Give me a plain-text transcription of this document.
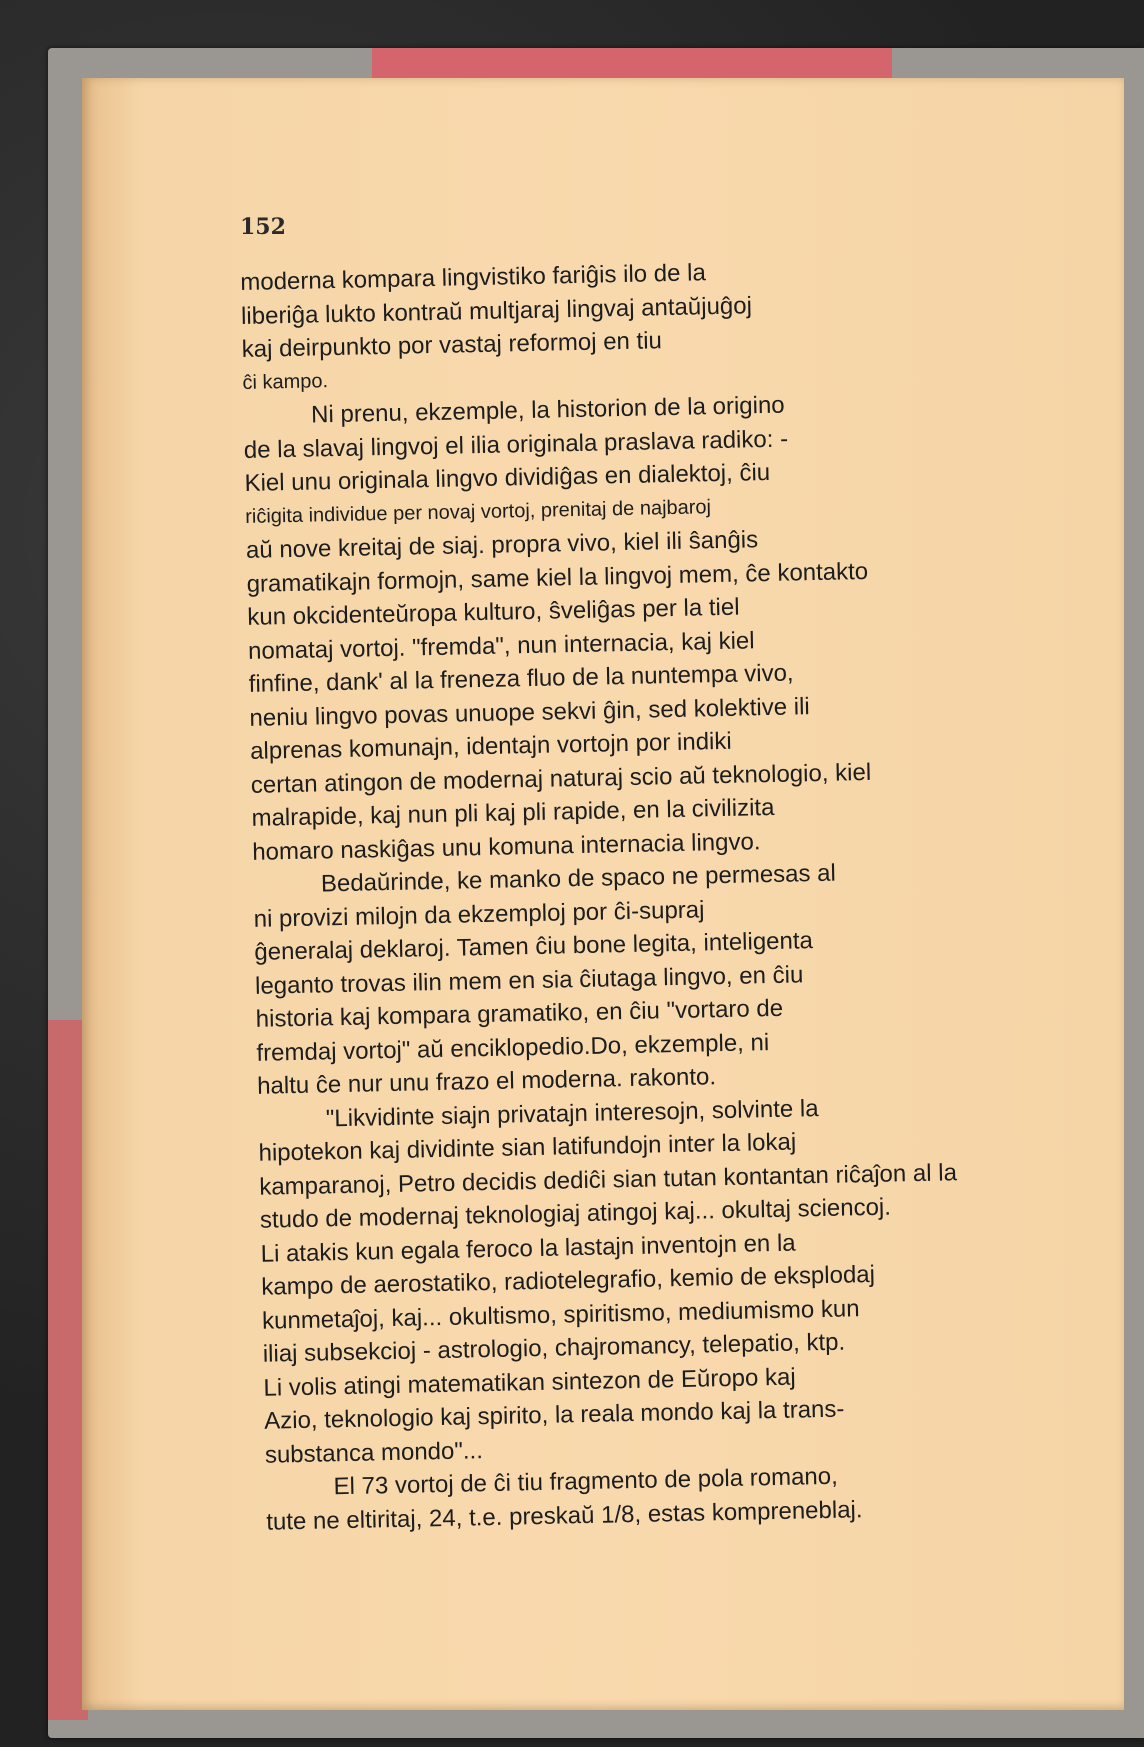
152

moderna kompara lingvistiko fariĝis ilo de la
liberiĝa lukto kontraŭ multjaraj lingvaj antaŭjuĝoj
kaj deirpunkto por vastaj reformoj en tiu
ĉi kampo.
Ni prenu, ekzemple, la historion de la origino
de la slavaj lingvoj el ilia originala praslava radiko: -
Kiel unu originala lingvo dividiĝas en dialektoj, ĉiu
riĉigita individue per novaj vortoj, prenitaj de najbaroj
aŭ nove kreitaj de siaj. propra vivo, kiel ili ŝanĝis
gramatikajn formojn, same kiel la lingvoj mem, ĉe kontakto
kun okcidenteŭropa kulturo, ŝveliĝas per la tiel
nomataj vortoj. "fremda", nun internacia, kaj kiel
finfine, dank' al la freneza fluo de la nuntempa vivo,
neniu lingvo povas unuope sekvi ĝin, sed kolektive ili
alprenas komunajn, identajn vortojn por indiki
certan atingon de modernaj naturaj scio aŭ teknologio, kiel
malrapide, kaj nun pli kaj pli rapide, en la civilizita
homaro naskiĝas unu komuna internacia lingvo.
Bedaŭrinde, ke manko de spaco ne permesas al
ni provizi milojn da ekzemploj por ĉi-supraj
ĝeneralaj deklaroj. Tamen ĉiu bone legita, inteligenta
leganto trovas ilin mem en sia ĉiutaga lingvo, en ĉiu
historia kaj kompara gramatiko, en ĉiu "vortaro de
fremdaj vortoj" aŭ enciklopedio.Do, ekzemple, ni
haltu ĉe nur unu frazo el moderna. rakonto.
"Likvidinte siajn privatajn interesojn, solvinte la
hipotekon kaj dividinte sian latifundojn inter la lokaj
kamparanoj, Petro decidis dediĉi sian tutan kontantan riĉaĵon al la
studo de modernaj teknologiaj atingoj kaj... okultaj sciencoj.
Li atakis kun egala feroco la lastajn inventojn en la
kampo de aerostatiko, radiotelegrafio, kemio de eksplodaj
kunmetaĵoj, kaj... okultismo, spiritismo, mediumismo kun
iliaj subsekcioj - astrologio, chajromancy, telepatio, ktp.
Li volis atingi matematikan sintezon de Eŭropo kaj
Azio, teknologio kaj spirito, la reala mondo kaj la trans-
substanca mondo"...
El 73 vortoj de ĉi tiu fragmento de pola romano,
tute ne eltiritaj, 24, t.e. preskaŭ 1/8, estas komprenеblaj.
